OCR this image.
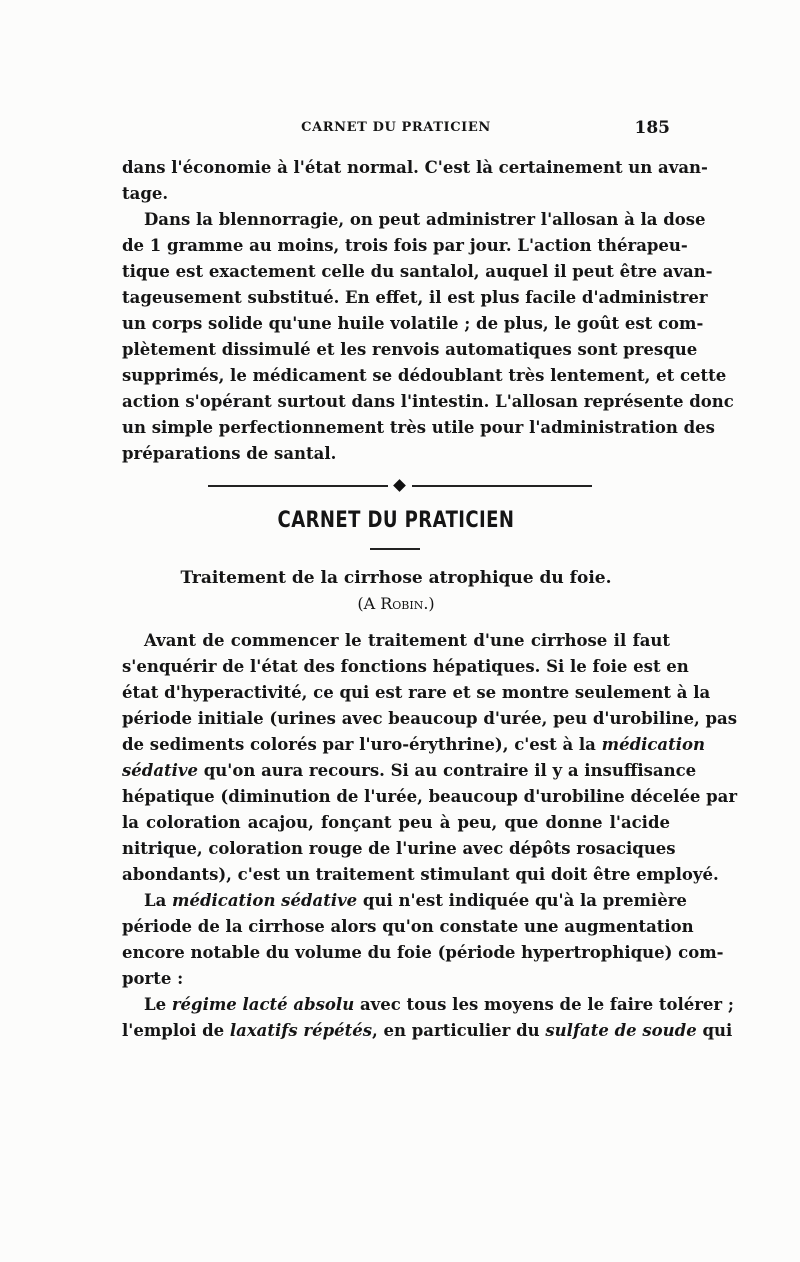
CARNET DU PRATICIEN	185
dans l'économie à l'état normal. C'est là certainement un avan-
tage.
Dans la blennorragie, on peut administrer l'allosan à la dose
de 1 gramme au moins, trois fois par jour. L'action thérapeu-
tique est exactement celle du santalol, auquel il peut être avan-
tageusement substitué. En effet, il est plus facile d'administrer
un corps solide qu'une huile volatile ; de plus, le goût est com-
plètement dissimulé et les renvois automatiques sont presque
supprimés, le médicament se dédoublant très lentement, et cette
action s'opérant surtout dans l'intestin. L'allosan représente donc
un simple perfectionnement très utile pour l'administration des
préparations de santal.
CARNET DU PRATICIEN
Traitement de la cirrhose atrophique du foie.
(A Robin.)
Avant de commencer le traitement d'une cirrhose il faut
s'enquérir de l'état des fonctions hépatiques. Si le foie est en
état d'hyperactivité, ce qui est rare et se montre seulement à la
période initiale (urines avec beaucoup d'urée, peu d'urobiline, pas
de sediments colorés par l'uro-érythrine), c'est à la médication
sédative qu'on aura recours. Si au contraire il y a insuffisance
hépatique (diminution de l'urée, beaucoup d'urobiline décelée par
la coloration acajou, fonçant peu à peu, que donne l'acide
nitrique, coloration rouge de l'urine avec dépôts rosaciques
abondants), c'est un traitement stimulant qui doit être employé.
La médication sédative qui n'est indiquée qu'à la première
période de la cirrhose alors qu'on constate une augmentation
encore notable du volume du foie (période hypertrophique) com-
porte :
Le régime lacté absolu avec tous les moyens de le faire tolérer ;
l'emploi de laxatifs répétés, en particulier du sulfate de soude qui
